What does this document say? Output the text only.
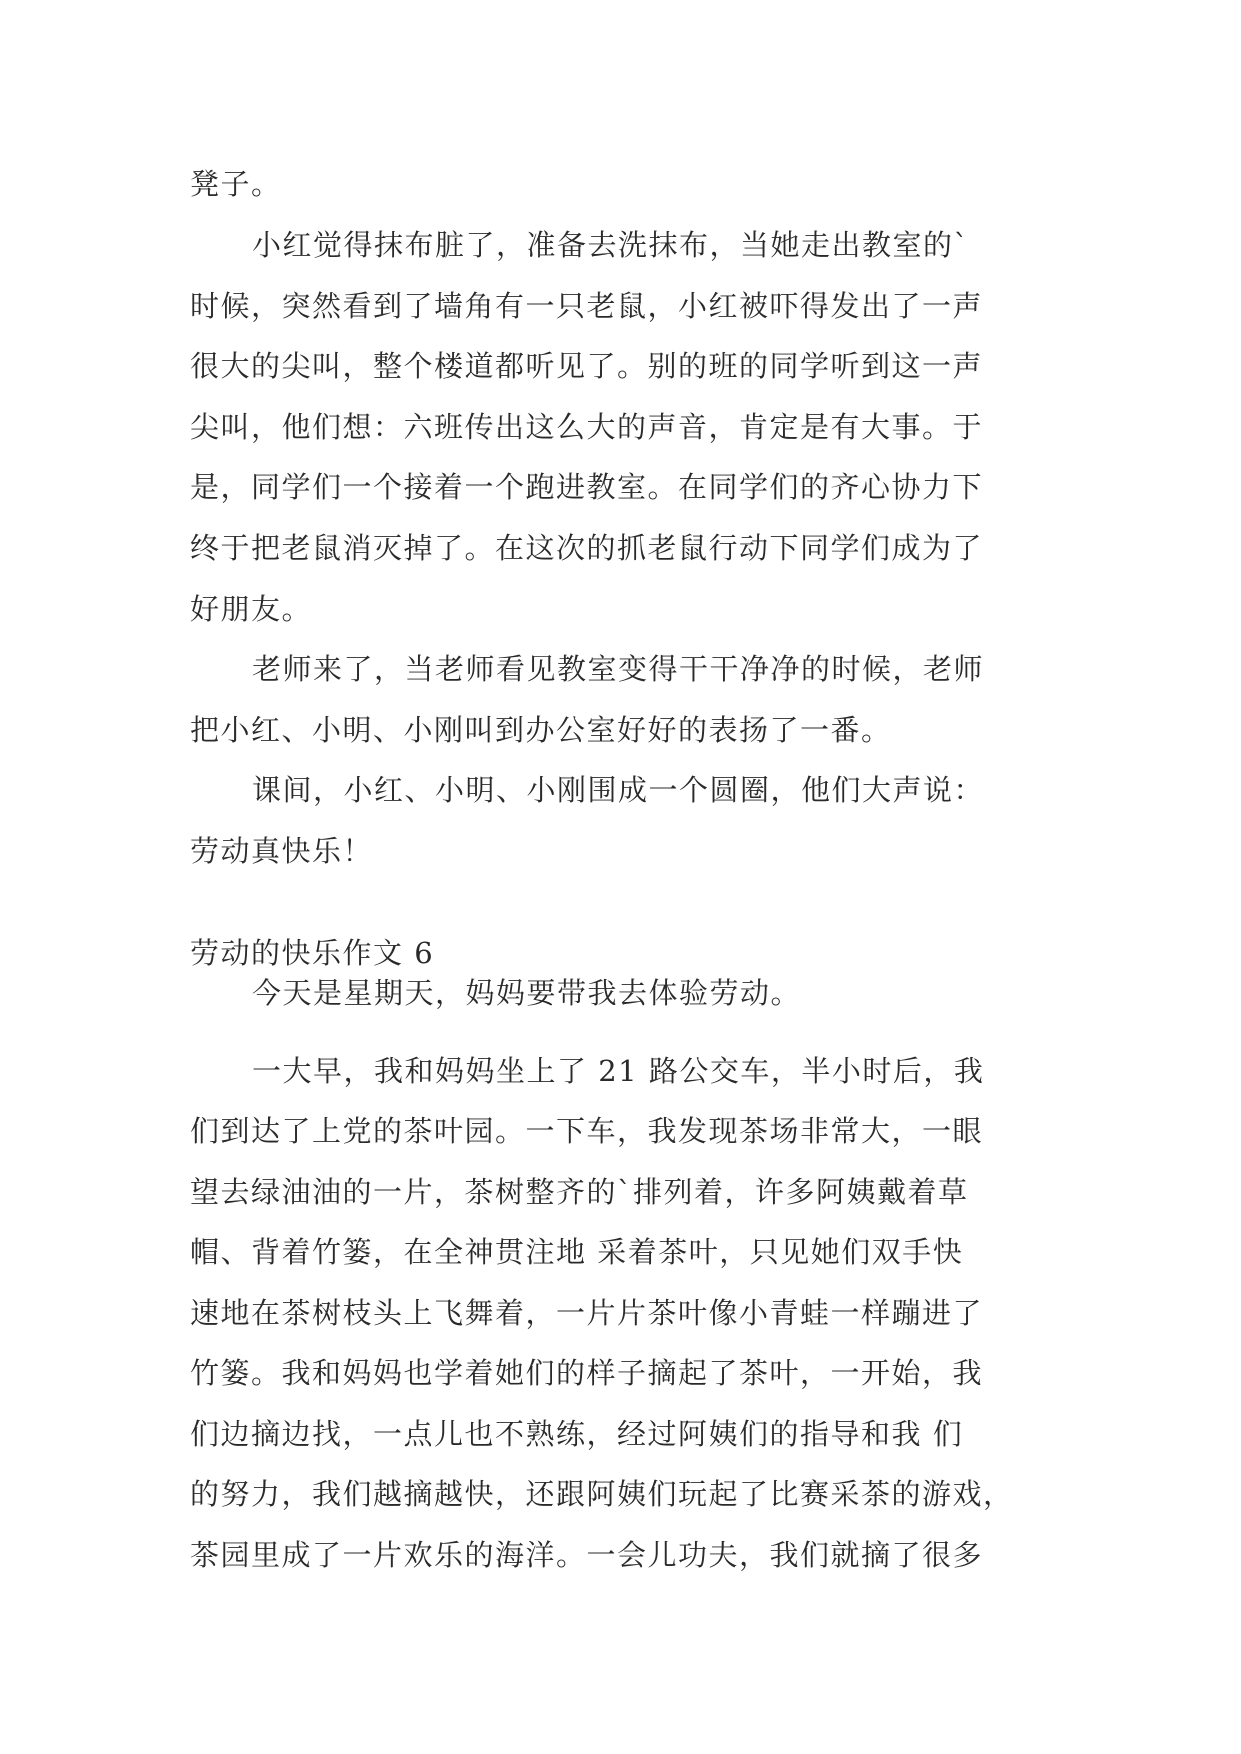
凳子。
小红觉得抹布脏了，准备去洗抹布，当她走出教室的`
时候，突然看到了墙角有一只老鼠，小红被吓得发出了一声
很大的尖叫，整个楼道都听见了。别的班的同学听到这一声
尖叫，他们想：六班传出这么大的声音，肯定是有大事。于
是，同学们一个接着一个跑进教室。在同学们的齐心协力下
终于把老鼠消灭掉了。在这次的抓老鼠行动下同学们成为了
好朋友。
老师来了，当老师看见教室变得干干净净的时候，老师
把小红、小明、小刚叫到办公室好好的表扬了一番。
课间，小红、小明、小刚围成一个圆圈，他们大声说：
劳动真快乐！
劳动的快乐作文 6
今天是星期天，妈妈要带我去体验劳动。
一大早，我和妈妈坐上了 21 路公交车，半小时后，我
们到达了上党的茶叶园。一下车，我发现茶场非常大，一眼
望去绿油油的一片，茶树整齐的`排列着，许多阿姨戴着草
帽、背着竹篓，在全神贯注地 采着茶叶，只见她们双手快
速地在茶树枝头上飞舞着，一片片茶叶像小青蛙一样蹦进了
竹篓。我和妈妈也学着她们的样子摘起了茶叶，一开始，我
们边摘边找，一点儿也不熟练，经过阿姨们的指导和我 们
的努力，我们越摘越快，还跟阿姨们玩起了比赛采茶的游戏，
茶园里成了一片欢乐的海洋。一会儿功夫，我们就摘了很多
